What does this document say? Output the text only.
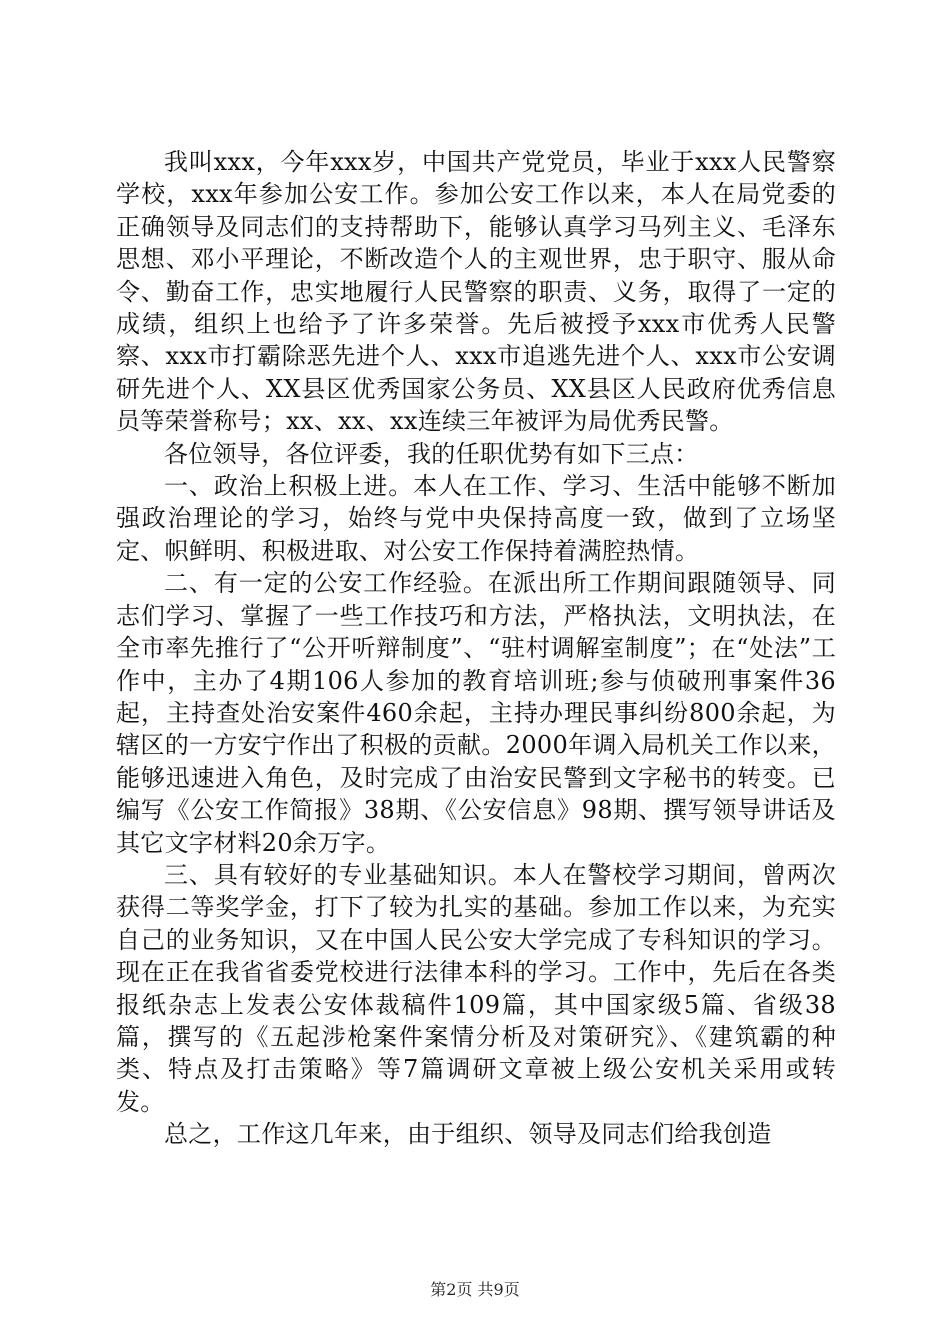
我叫xxx，今年xxx岁，中国共产党党员，毕业于xxx人民警察学校，xxx年参加公安工作。参加公安工作以来，本人在局党委的正确领导及同志们的支持帮助下，能够认真学习马列主义、毛泽东思想、邓小平理论，不断改造个人的主观世界，忠于职守、服从命令、勤奋工作，忠实地履行人民警察的职责、义务，取得了一定的成绩，组织上也给予了许多荣誉。先后被授予xxx市优秀人民警察、xxx市打霸除恶先进个人、xxx市追逃先进个人、xxx市公安调研先进个人、XX县区优秀国家公务员、XX县区人民政府优秀信息员等荣誉称号；xx、xx、xx连续三年被评为局优秀民警。

各位领导，各位评委，我的任职优势有如下三点：

一、政治上积极上进。本人在工作、学习、生活中能够不断加强政治理论的学习，始终与党中央保持高度一致，做到了立场坚定、帜鲜明、积极进取、对公安工作保持着满腔热情。

二、有一定的公安工作经验。在派出所工作期间跟随领导、同志们学习、掌握了一些工作技巧和方法，严格执法，文明执法，在全市率先推行了“公开听辩制度”、“驻村调解室制度”；在“处法”工作中，主办了4期106人参加的教育培训班;参与侦破刑事案件36起，主持查处治安案件460余起，主持办理民事纠纷800余起，为辖区的一方安宁作出了积极的贡献。2000年调入局机关工作以来，能够迅速进入角色，及时完成了由治安民警到文字秘书的转变。已编写《公安工作简报》38期、《公安信息》98期、撰写领导讲话及其它文字材料20余万字。

三、具有较好的专业基础知识。本人在警校学习期间，曾两次获得二等奖学金，打下了较为扎实的基础。参加工作以来，为充实自己的业务知识，又在中国人民公安大学完成了专科知识的学习。现在正在我省省委党校进行法律本科的学习。工作中，先后在各类报纸杂志上发表公安体裁稿件109篇，其中国家级5篇、省级38篇，撰写的《五起涉枪案件案情分析及对策研究》、《建筑霸的种类、特点及打击策略》等7篇调研文章被上级公安机关采用或转发。

总之，工作这几年来，由于组织、领导及同志们给我创造

第2页 共9页
